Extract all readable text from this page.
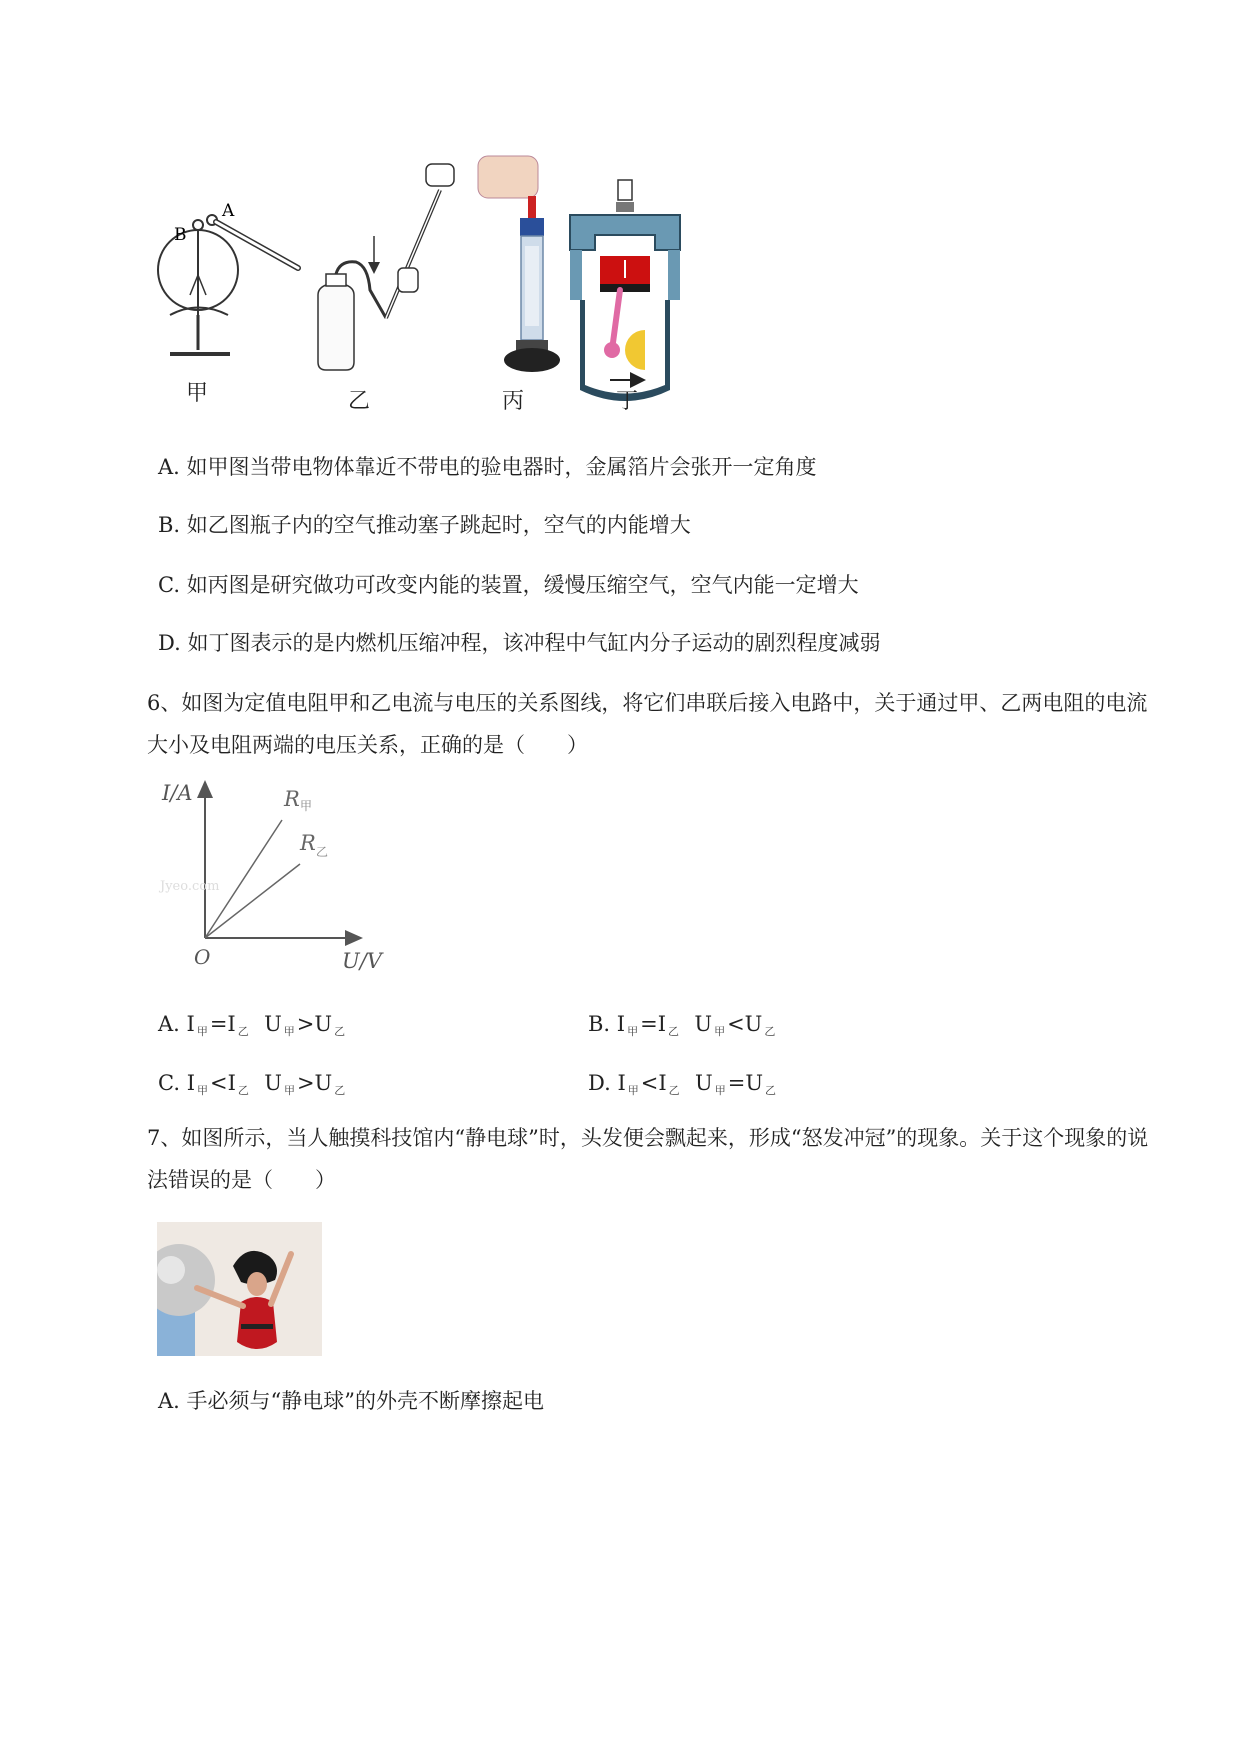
B
A
甲	乙	丙	丁
A. 如甲图当带电物体靠近不带电的验电器时，金属箔片会张开一定角度
B. 如乙图瓶子内的空气推动塞子跳起时，空气的内能增大
C. 如丙图是研究做功可改变内能的装置，缓慢压缩空气，空气内能一定增大
D. 如丁图表示的是内燃机压缩冲程，该冲程中气缸内分子运动的剧烈程度减弱
6、如图为定值电阻甲和乙电流与电压的关系图线，将它们串联后接入电路中，关于通过甲、乙两电阻的电流大小及电阻两端的电压关系，正确的是（　　）
I/A
U/V
O
R 甲
R 乙
Jyeo.com
A. I 甲=I 乙 U 甲>U 乙	B. I 甲=I 乙 U 甲<U 乙
C. I 甲<I 乙 U 甲>U 乙	D. I 甲<I 乙 U 甲=U 乙
7、如图所示，当人触摸科技馆内“静电球”时，头发便会飘起来，形成“怒发冲冠”的现象。关于这个现象的说法错误的是（　　）
A. 手必须与“静电球”的外壳不断摩擦起电
